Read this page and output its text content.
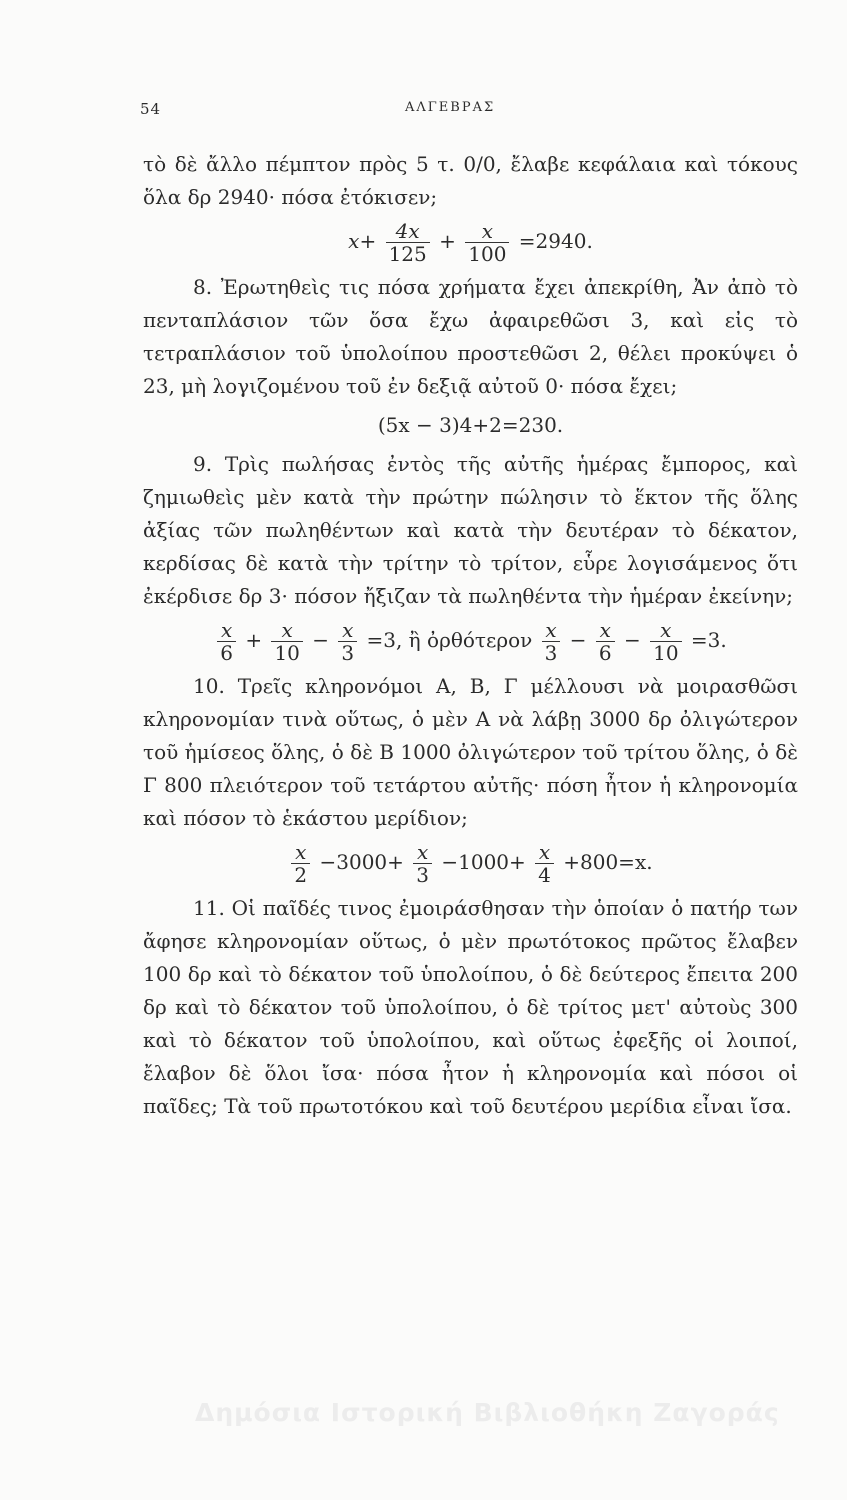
54	ΑΛΓΕΒΡΑΣ

τὸ δὲ ἄλλο πέμπτον πρὸς 5 τ. 0/0, ἔλαβε κεφάλαια καὶ τόκους ὅλα δρ 2940· πόσα ἐτόκισεν;

$x+ \frac{4x}{125} + \frac{x}{100} =2940$.

8. Ἐρωτηθεὶς τις πόσα χρήματα ἔχει ἀπεκρίθη, Ἀν ἀπὸ τὸ πενταπλάσιον τῶν ὅσα ἔχω ἀφαιρεθῶσι 3, καὶ εἰς τὸ τετραπλάσιον τοῦ ὑπολοίπου προστεθῶσι 2, θέλει προκύψει ὁ 23, μὴ λογιζομένου τοῦ ἐν δεξιᾷ αὐτοῦ 0· πόσα ἔχει;

(5x − 3)4+2=230.

9. Τρὶς πωλήσας ἐντὸς τῆς αὐτῆς ἡμέρας ἔμπορος, καὶ ζημιωθεὶς μὲν κατὰ τὴν πρώτην πώλησιν τὸ ἕκτον τῆς ὅλης ἀξίας τῶν πωληθέντων καὶ κατὰ τὴν δευτέραν τὸ δέκατον, κερδίσας δὲ κατὰ τὴν τρίτην τὸ τρίτον, εὗρε λογισάμενος ὅτι ἐκέρδισε δρ 3· πόσον ἤξιζαν τὰ πωληθέντα τὴν ἡμέραν ἐκείνην;

$\frac{x}{6} + \frac{x}{10} - \frac{x}{3} =3$, ἢ ὀρθότερον $\frac{x}{3} - \frac{x}{6} - \frac{x}{10} =3$.

10. Τρεῖς κληρονόμοι Α, Β, Γ μέλλουσι νὰ μοιρασθῶσι κληρονομίαν τινὰ οὕτως, ὁ μὲν Α νὰ λάβῃ 3000 δρ ὀλιγώτερον τοῦ ἡμίσεος ὅλης, ὁ δὲ Β 1000 ὀλιγώτερον τοῦ τρίτου ὅλης, ὁ δὲ Γ 800 πλειότερον τοῦ τετάρτου αὐτῆς· πόση ἦτον ἡ κληρονομία καὶ πόσον τὸ ἑκάστου μερίδιον;

$\frac{x}{2} -3000+ \frac{x}{3} -1000+ \frac{x}{4} +800=x$.

11. Οἱ παῖδές τινος ἐμοιράσθησαν τὴν ὁποίαν ὁ πατήρ των ἄφησε κληρονομίαν οὕτως, ὁ μὲν πρωτότοκος πρῶτος ἔλαβεν 100 δρ καὶ τὸ δέκατον τοῦ ὑπολοίπου, ὁ δὲ δεύτερος ἔπειτα 200 δρ καὶ τὸ δέκατον τοῦ ὑπολοίπου, ὁ δὲ τρίτος μετ' αὐτοὺς 300 καὶ τὸ δέκατον τοῦ ὑπολοίπου, καὶ οὕτως ἐφεξῆς οἱ λοιποί, ἔλαβον δὲ ὅλοι ἴσα· πόσα ἦτον ἡ κληρονομία καὶ πόσοι οἱ παῖδες; Τὰ τοῦ πρωτοτόκου καὶ τοῦ δευτέρου μερίδια εἶναι ἴσα.

Δημόσια Ιστορική Βιβλιοθήκη Ζαγοράς
